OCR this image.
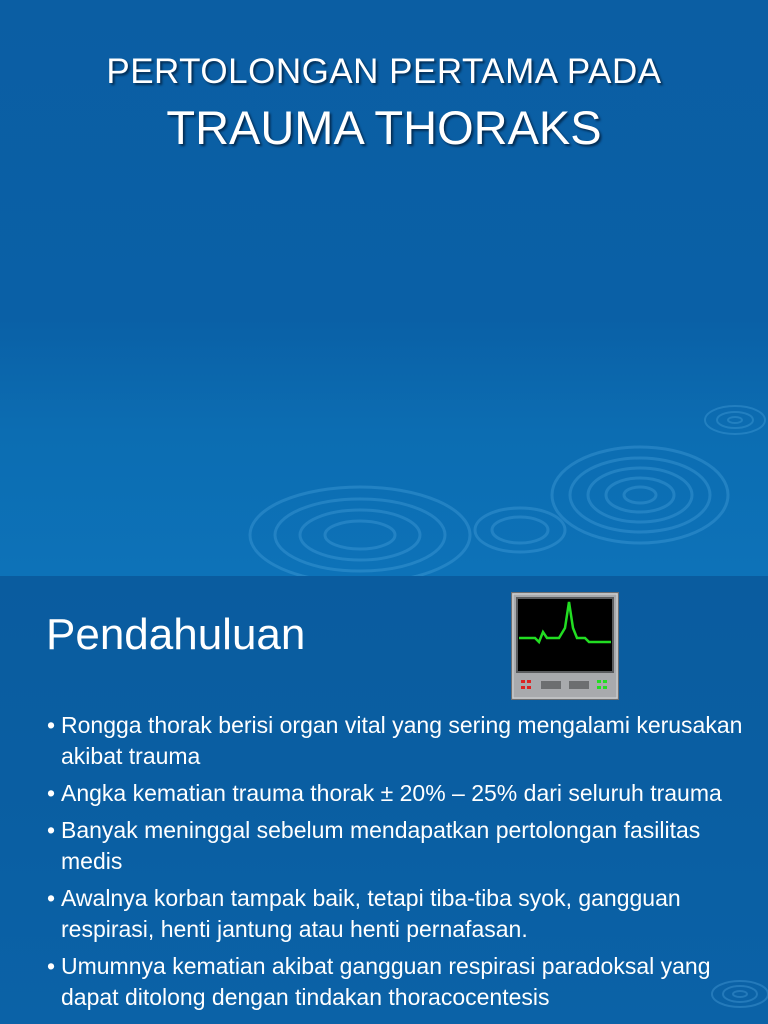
PERTOLONGAN PERTAMA PADA
TRAUMA THORAKS
Pendahuluan
• Rongga thorak berisi organ vital yang sering mengalami kerusakan akibat trauma
• Angka kematian trauma thorak ± 20% – 25% dari seluruh trauma
• Banyak meninggal sebelum mendapatkan pertolongan fasilitas medis
• Awalnya korban tampak baik, tetapi tiba-tiba syok, gangguan respirasi, henti jantung atau henti pernafasan.
• Umumnya kematian akibat gangguan respirasi paradoksal yang dapat ditolong dengan tindakan thoracocentesis
